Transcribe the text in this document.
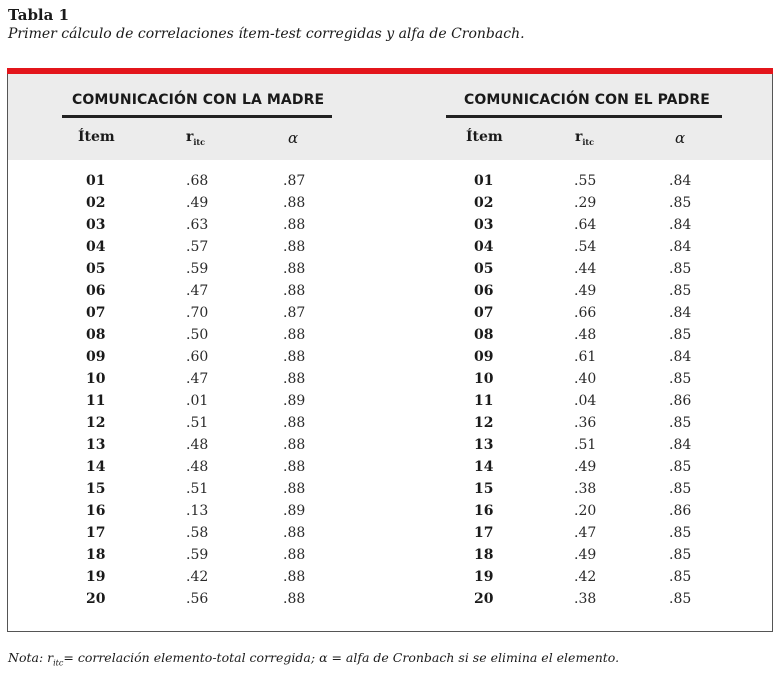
Tabla 1
Primer cálculo de correlaciones ítem-test corregidas y alfa de Cronbach.
COMUNICACIÓN CON LA MADRE	COMUNICACIÓN CON EL PADRE
Ítem	$r_{itc}$	α	Ítem	$r_{itc}$	α
01	.68	.87	01	.55	.84
02	.49	.88	02	.29	.85
03	.63	.88	03	.64	.84
04	.57	.88	04	.54	.84
05	.59	.88	05	.44	.85
06	.47	.88	06	.49	.85
07	.70	.87	07	.66	.84
08	.50	.88	08	.48	.85
09	.60	.88	09	.61	.84
10	.47	.88	10	.40	.85
11	.01	.89	11	.04	.86
12	.51	.88	12	.36	.85
13	.48	.88	13	.51	.84
14	.48	.88	14	.49	.85
15	.51	.88	15	.38	.85
16	.13	.89	16	.20	.86
17	.58	.88	17	.47	.85
18	.59	.88	18	.49	.85
19	.42	.88	19	.42	.85
20	.56	.88	20	.38	.85
Nota: $r_{itc}=$ correlación elemento-total corregida; α = alfa de Cronbach si se elimina el elemento.
